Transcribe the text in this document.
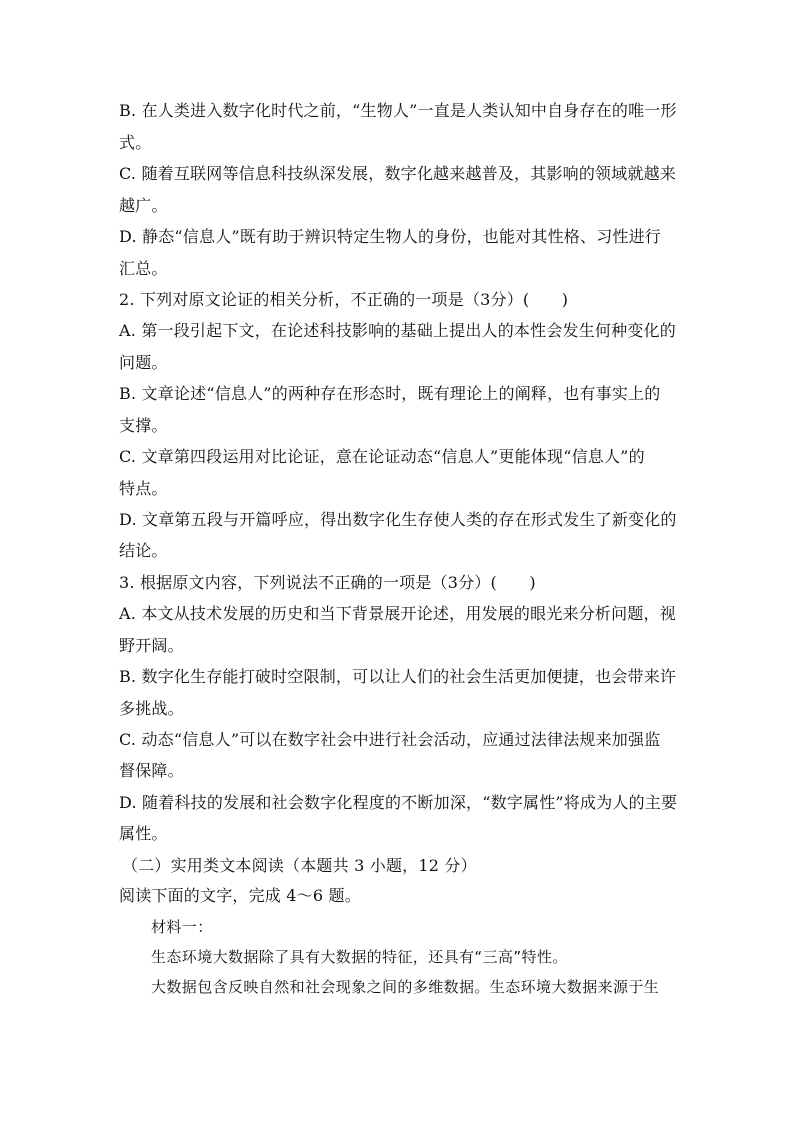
B. 在人类进入数字化时代之前，“生物人”一直是人类认知中自身存在的唯一形
式。
C. 随着互联网等信息科技纵深发展，数字化越来越普及，其影响的领域就越来
越广。
D. 静态“信息人”既有助于辨识特定生物人的身份，也能对其性格、习性进行
汇总。
2. 下列对原文论证的相关分析，不正确的一项是（3分）(　　)
A. 第一段引起下文，在论述科技影响的基础上提出人的本性会发生何种变化的
问题。
B. 文章论述“信息人”的两种存在形态时，既有理论上的阐释，也有事实上的
支撑。
C. 文章第四段运用对比论证，意在论证动态“信息人”更能体现“信息人”的
特点。
D. 文章第五段与开篇呼应，得出数字化生存使人类的存在形式发生了新变化的
结论。
3. 根据原文内容，下列说法不正确的一项是（3分）(　　)
A. 本文从技术发展的历史和当下背景展开论述，用发展的眼光来分析问题，视
野开阔。
B. 数字化生存能打破时空限制，可以让人们的社会生活更加便捷，也会带来许
多挑战。
C. 动态“信息人”可以在数字社会中进行社会活动，应通过法律法规来加强监
督保障。
D. 随着科技的发展和社会数字化程度的不断加深，“数字属性”将成为人的主要
属性。
（二）实用类文本阅读（本题共 3 小题，12 分）
阅读下面的文字，完成 4～6 题。
材料一：
生态环境大数据除了具有大数据的特征，还具有“三高”特性。
大数据包含反映自然和社会现象之间的多维数据。生态环境大数据来源于生
